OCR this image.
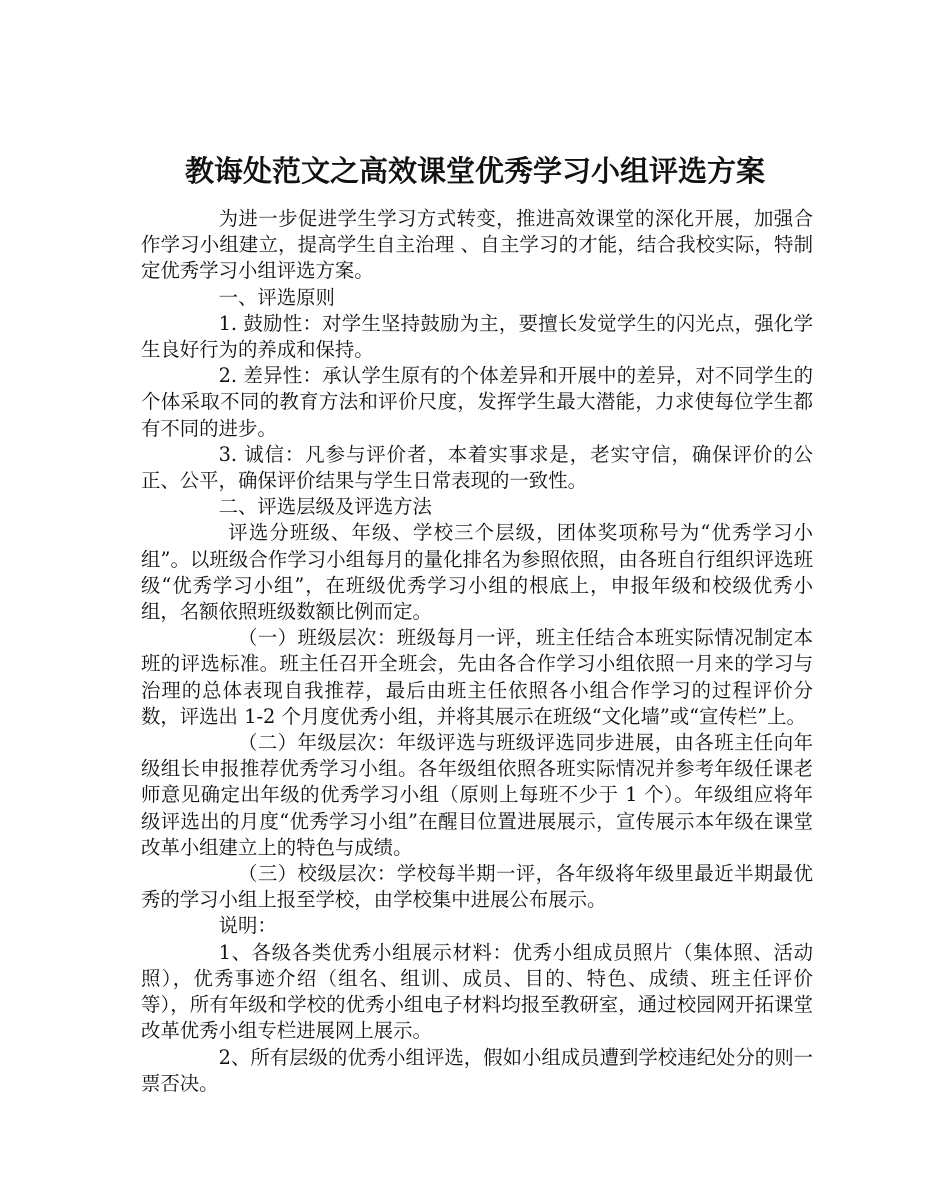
教诲处范文之高效课堂优秀学习小组评选方案

为进一步促进学生学习方式转变，推进高效课堂的深化开展，加强合作学习小组建立，提高学生自主治理 、自主学习的才能，结合我校实际，特制定优秀学习小组评选方案。

一、评选原则

1. 鼓励性：对学生坚持鼓励为主，要擅长发觉学生的闪光点，强化学生良好行为的养成和保持。

2. 差异性：承认学生原有的个体差异和开展中的差异，对不同学生的个体采取不同的教育方法和评价尺度，发挥学生最大潜能，力求使每位学生都有不同的进步。

3. 诚信：凡参与评价者，本着实事求是，老实守信，确保评价的公正、公平，确保评价结果与学生日常表现的一致性。

二、评选层级及评选方法

评选分班级、年级、学校三个层级，团体奖项称号为“优秀学习小组”。以班级合作学习小组每月的量化排名为参照依照，由各班自行组织评选班级“优秀学习小组”，在班级优秀学习小组的根底上，申报年级和校级优秀小组，名额依照班级数额比例而定。

（一）班级层次：班级每月一评，班主任结合本班实际情况制定本班的评选标准。班主任召开全班会，先由各合作学习小组依照一月来的学习与治理的总体表现自我推荐，最后由班主任依照各小组合作学习的过程评价分数，评选出 1-2 个月度优秀小组，并将其展示在班级“文化墙”或“宣传栏”上。

（二）年级层次：年级评选与班级评选同步进展，由各班主任向年级组长申报推荐优秀学习小组。各年级组依照各班实际情况并参考年级任课老师意见确定出年级的优秀学习小组（原则上每班不少于 1 个）。年级组应将年级评选出的月度“优秀学习小组”在醒目位置进展展示，宣传展示本年级在课堂改革小组建立上的特色与成绩。

（三）校级层次：学校每半期一评，各年级将年级里最近半期最优秀的学习小组上报至学校，由学校集中进展公布展示。

说明：

1、各级各类优秀小组展示材料：优秀小组成员照片（集体照、活动照），优秀事迹介绍（组名、组训、成员、目的、特色、成绩、班主任评价等），所有年级和学校的优秀小组电子材料均报至教研室，通过校园网开拓课堂改革优秀小组专栏进展网上展示。

2、所有层级的优秀小组评选，假如小组成员遭到学校违纪处分的则一票否决。
